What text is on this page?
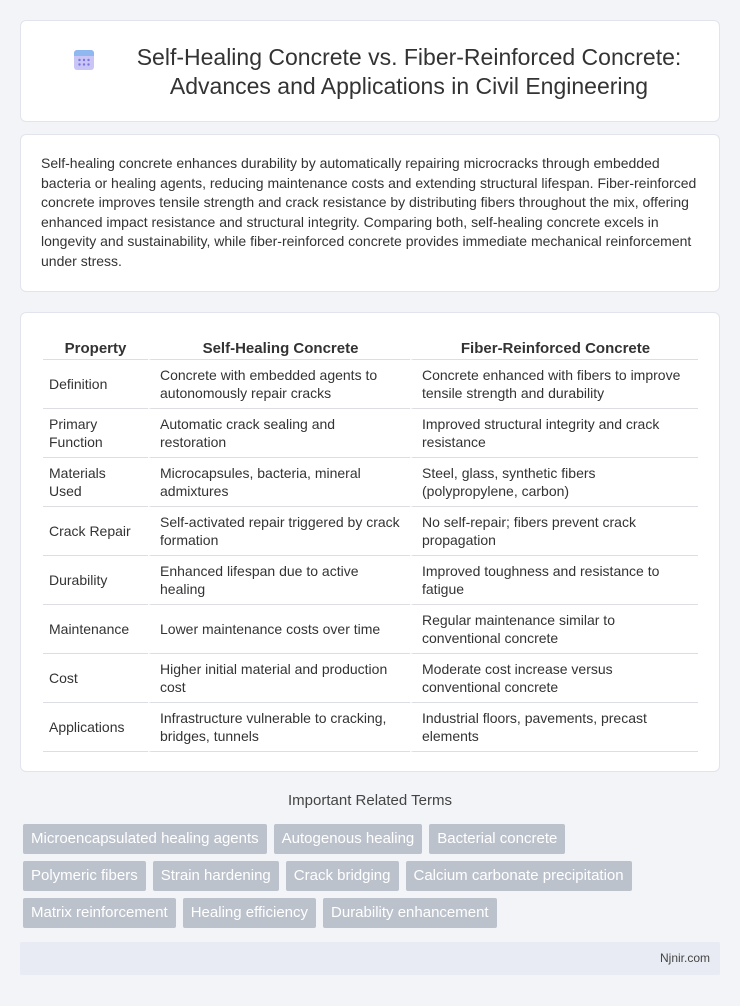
Self-Healing Concrete vs. Fiber-Reinforced Concrete: Advances and Applications in Civil Engineering

Self-healing concrete enhances durability by automatically repairing microcracks through embedded bacteria or healing agents, reducing maintenance costs and extending structural lifespan. Fiber-reinforced concrete improves tensile strength and crack resistance by distributing fibers throughout the mix, offering enhanced impact resistance and structural integrity. Comparing both, self-healing concrete excels in longevity and sustainability, while fiber-reinforced concrete provides immediate mechanical reinforcement under stress.

Property	Self-Healing Concrete	Fiber-Reinforced Concrete
Definition	Concrete with embedded agents to autonomously repair cracks	Concrete enhanced with fibers to improve tensile strength and durability
Primary Function	Automatic crack sealing and restoration	Improved structural integrity and crack resistance
Materials Used	Microcapsules, bacteria, mineral admixtures	Steel, glass, synthetic fibers (polypropylene, carbon)
Crack Repair	Self-activated repair triggered by crack formation	No self-repair; fibers prevent crack propagation
Durability	Enhanced lifespan due to active healing	Improved toughness and resistance to fatigue
Maintenance	Lower maintenance costs over time	Regular maintenance similar to conventional concrete
Cost	Higher initial material and production cost	Moderate cost increase versus conventional concrete
Applications	Infrastructure vulnerable to cracking, bridges, tunnels	Industrial floors, pavements, precast elements
Important Related Terms
Microencapsulated healing agents	Autogenous healing	Bacterial concrete
Polymeric fibers	Strain hardening	Crack bridging	Calcium carbonate precipitation
Matrix reinforcement	Healing efficiency	Durability enhancement
Njnir.com
